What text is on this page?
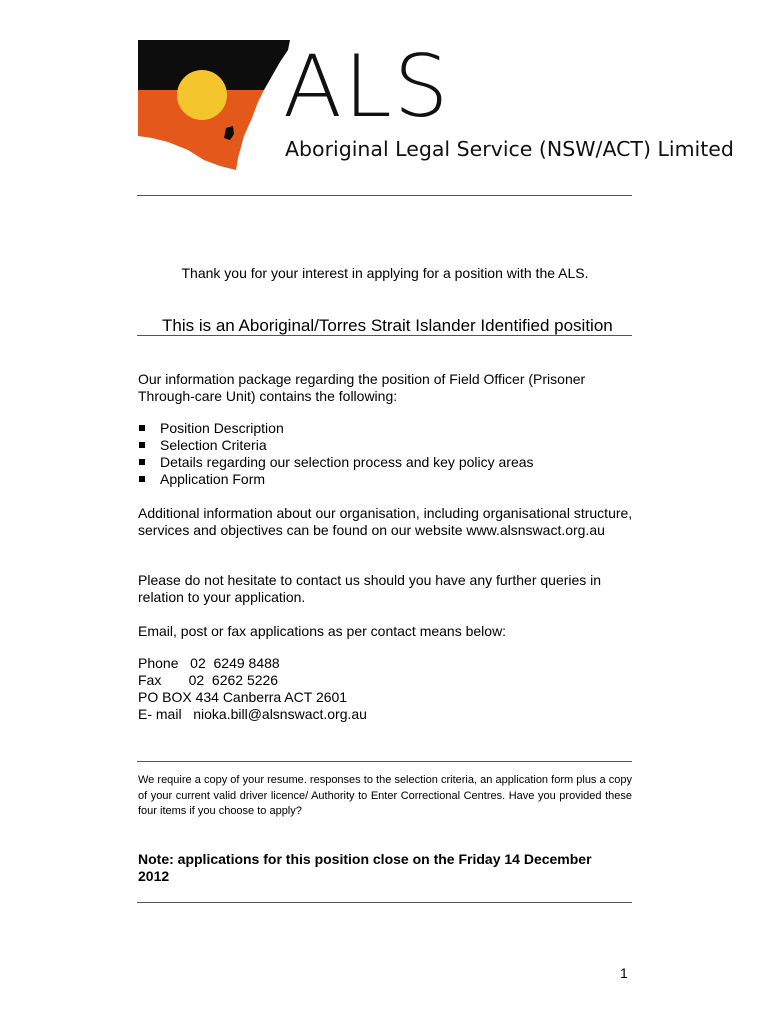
ALS
Aboriginal Legal Service (NSW/ACT) Limited
Thank you for your interest in applying for a position with the ALS.
This is an Aboriginal/Torres Strait Islander Identified position
Our information package regarding the position of Field Officer (Prisoner Through-care Unit) contains the following:
Position Description
Selection Criteria
Details regarding our selection process and key policy areas
Application Form
Additional information about our organisation, including organisational structure, services and objectives can be found on our website www.alsnswact.org.au
Please do not hesitate to contact us should you have any further queries in relation to your application.
Email, post or fax applications as per contact means below:
Phone   02  6249 8488
Fax       02  6262 5226
PO BOX 434 Canberra ACT 2601
E- mail   nioka.bill@alsnswact.org.au
We require a copy of your resume. responses to the selection criteria, an application form plus a copy of your current valid driver licence/ Authority to Enter Correctional Centres. Have you provided these four items if you choose to apply?
Note: applications for this position close on the Friday 14 December 2012
1
